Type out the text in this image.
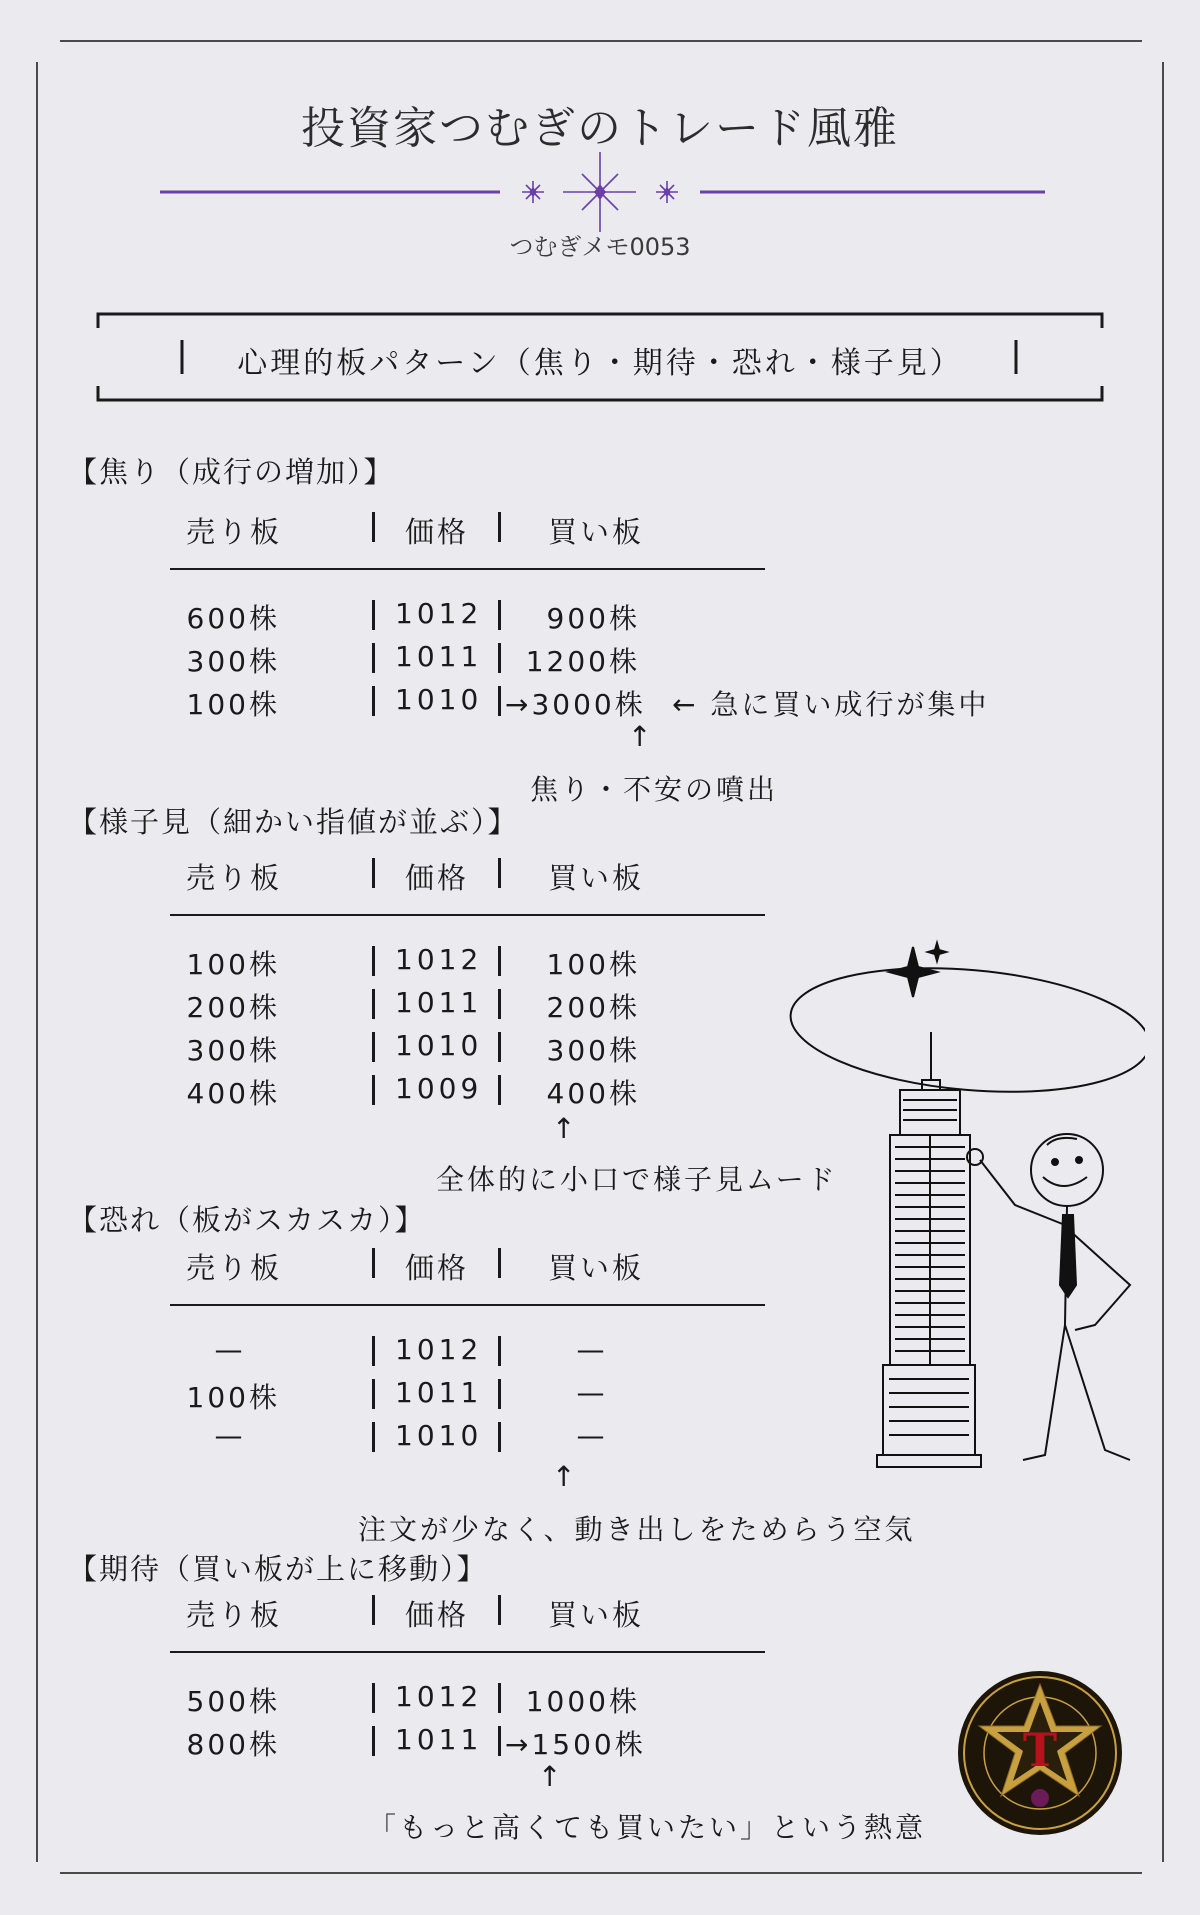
投資家つむぎのトレード風雅
つむぎメモ0053
心理的板パターン（焦り・期待・恐れ・様子見）
【焦り（成行の増加）】
売り板	価格	買い板
600株	1012	900株
300株	1011	1200株
100株	1010 →3000株 ← 急に買い成行が集中
↑
焦り・不安の噴出
【様子見（細かい指値が並ぶ）】
売り板	価格	買い板
100株	1012	100株
200株	1011	200株
300株	1010	300株
400株	1009	400株
↑
全体的に小口で様子見ムード
【恐れ（板がスカスカ）】
売り板	価格	買い板
—	1012	—
100株	1011	—
—	1010	—
↑
注文が少なく、動き出しをためらう空気
【期待（買い板が上に移動）】
売り板	価格	買い板
500株	1012	1000株
800株	1011 →1500株
↑
「もっと高くても買いたい」という熱意
T
